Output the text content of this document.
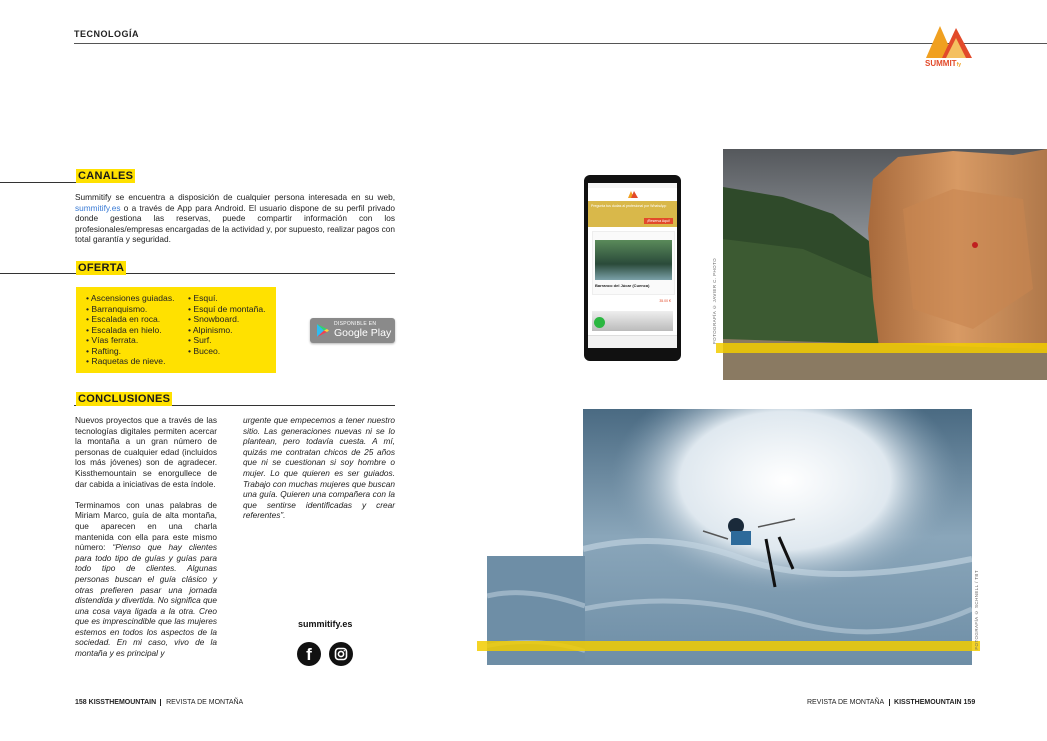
TECNOLOGÍA
SUMMITfy
CANALES
Summitify se encuentra a disposición de cualquier persona interesada en su web, summitify.es o a través de App para Android. El usuario dispone de su perfil privado donde gestiona las reservas, puede compartir información con los profesionales/empresas encargadas de la actividad y, por supuesto, realizar pagos con total garantía y seguridad.
OFERTA
• Ascensiones guiadas.
• Barranquismo.
• Escalada en roca.
• Escalada en hielo.
• Vías ferrata.
• Rafting.
• Raquetas de nieve.
• Esquí.
• Esquí de montaña.
• Snowboard.
• Alpinismo.
• Surf.
• Buceo.
DISPONIBLE EN
Google Play
CONCLUSIONES
Nuevos proyectos que a través de las tecnologías digitales permiten acercar la montaña a un gran número de personas de cualquier edad (incluidos los más jóvenes) son de agradecer. Kissthemountain se enorgullece de dar cabida a iniciativas de esta índole.

Terminamos con unas palabras de Miriam Marco, guía de alta montaña, que aparecen en una charla mantenida con ella para este mismo número: “Pienso que hay clientes para todo tipo de guías y guías para todo tipo de clientes. Algunas personas buscan el guía clásico y otras prefieren pasar una jornada distendida y divertida. No significa que una cosa vaya ligada a la otra. Creo que es imprescindible que las mujeres estemos en todos los aspectos de la sociedad. En mi caso, vivo de la montaña y es principal y
urgente que empecemos a tener nuestro sitio. Las generaciones nuevas ni se lo plantean, pero todavía cuesta. A mí, quizás me contratan chicos de 25 años que ni se cuestionan si soy hombre o mujer. Lo que quieren es ser guiados. Trabajo con muchas mujeres que buscan una guía. Quieren una compañera con la que sentirse identificadas y crear referentes”.
summitify.es
f
Pregunta tus dudas al profesional por WhatsApp
¡Reserva Aquí!
Barranco del Júcar (Cuenca)
35.00 €	FOTOGRAFÍA © JAVIER C. PHOTO
FOTOGRAFÍA © SCHNELL / TBT
158 KISSTHEMOUNTAIN REVISTA DE MONTAÑA	REVISTA DE MONTAÑA KISSTHEMOUNTAIN 159
